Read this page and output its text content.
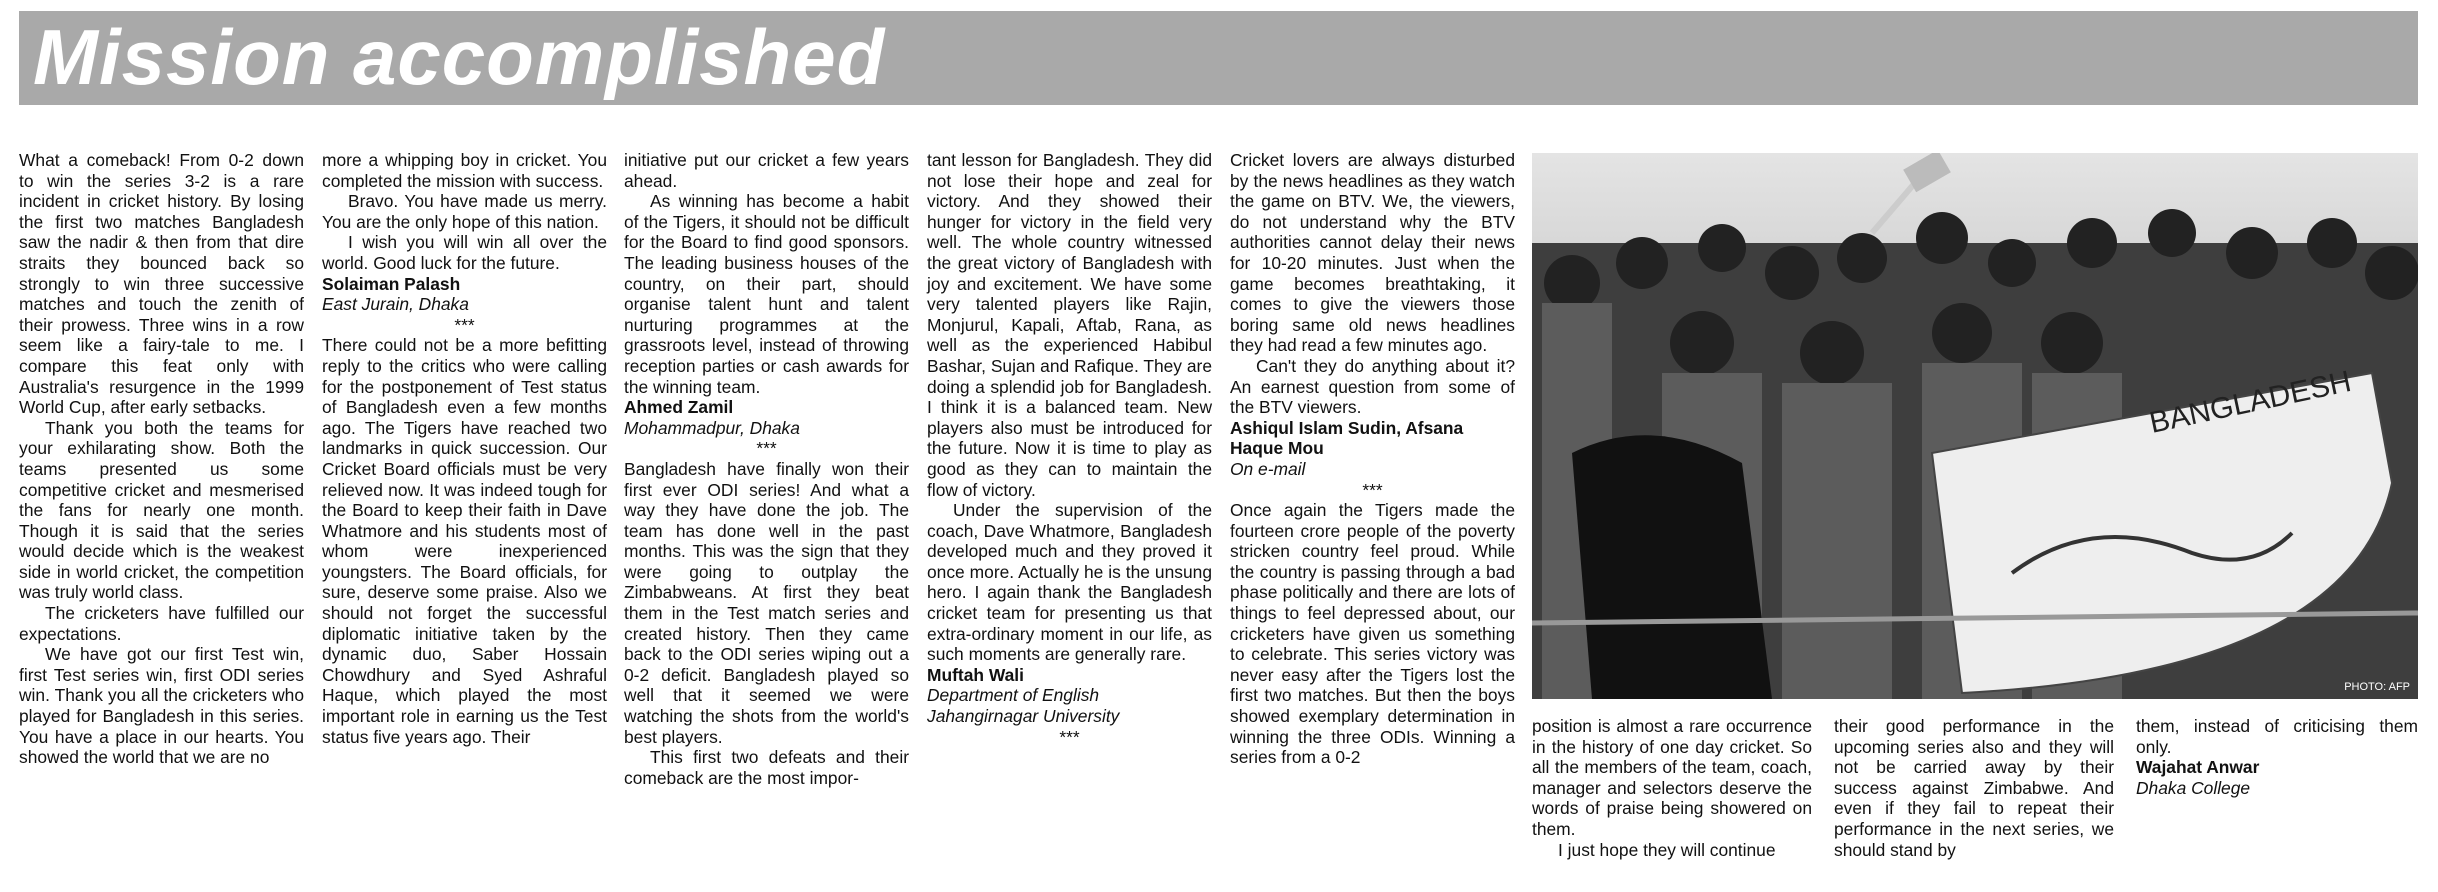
Mission accomplished

What a comeback! From 0-2 down to win the series 3-2 is a rare incident in cricket history. By losing the first two matches Bangladesh saw the nadir & then from that dire straits they bounced back so strongly to win three successive matches and touch the zenith of their prowess. Three wins in a row seem like a fairy-tale to me. I compare this feat only with Australia's resurgence in the 1999 World Cup, after early setbacks.

Thank you both the teams for your exhilarating show. Both the teams presented us some competitive cricket and mesmerised the fans for nearly one month. Though it is said that the series would decide which is the weakest side in world cricket, the competition was truly world class.

The cricketers have fulfilled our expectations.

We have got our first Test win, first Test series win, first ODI series win. Thank you all the cricketers who played for Bangladesh in this series. You have a place in our hearts. You showed the world that we are no

more a whipping boy in cricket. You completed the mission with success.

Bravo. You have made us merry. You are the only hope of this nation.

I wish you will win all over the world. Good luck for the future.

Solaiman Palash

East Jurain, Dhaka

***

There could not be a more befitting reply to the critics who were calling for the postponement of Test status of Bangladesh even a few months ago. The Tigers have reached two landmarks in quick succession. Our Cricket Board officials must be very relieved now. It was indeed tough for the Board to keep their faith in Dave Whatmore and his students most of whom were inexperienced youngsters. The Board officials, for sure, deserve some praise. Also we should not forget the successful diplomatic initiative taken by the dynamic duo, Saber Hossain Chowdhury and Syed Ashraful Haque, which played the most important role in earning us the Test status five years ago. Their

initiative put our cricket a few years ahead.

As winning has become a habit of the Tigers, it should not be difficult for the Board to find good sponsors. The leading business houses of the country, on their part, should organise talent hunt and talent nurturing programmes at the grassroots level, instead of throwing reception parties or cash awards for the winning team.

Ahmed Zamil

Mohammadpur, Dhaka

***

Bangladesh have finally won their first ever ODI series! And what a way they have done the job. The team has done well in the past months. This was the sign that they were going to outplay the Zimbabweans. At first they beat them in the Test match series and created history. Then they came back to the ODI series wiping out a 0-2 deficit. Bangladesh played so well that it seemed we were watching the shots from the world's best players.

This first two defeats and their comeback are the most impor-

tant lesson for Bangladesh. They did not lose their hope and zeal for victory. And they showed their hunger for victory in the field very well. The whole country witnessed the great victory of Bangladesh with joy and excitement. We have some very talented players like Rajin, Monjurul, Kapali, Aftab, Rana, as well as the experienced Habibul Bashar, Sujan and Rafique. They are doing a splendid job for Bangladesh. I think it is a balanced team. New players also must be introduced for the future. Now it is time to play as good as they can to maintain the flow of victory.

Under the supervision of the coach, Dave Whatmore, Bangladesh developed much and they proved it once more. Actually he is the unsung hero. I again thank the Bangladesh cricket team for presenting us that extra-ordinary moment in our life, as such moments are generally rare.

Muftah Wali

Department of English

Jahangirnagar University

***

Cricket lovers are always disturbed by the news headlines as they watch the game on BTV. We, the viewers, do not understand why the BTV authorities cannot delay their news for 10-20 minutes. Just when the game becomes breathtaking, it comes to give the viewers those boring same old news headlines they had read a few minutes ago.

Can't they do anything about it? An earnest question from some of the BTV viewers.

Ashiqul Islam Sudin, Afsana Haque Mou

On e-mail

***

Once again the Tigers made the fourteen crore people of the poverty stricken country feel proud. While the country is passing through a bad phase politically and there are lots of things to feel depressed about, our cricketers have given us something to celebrate. This series victory was never easy after the Tigers lost the first two matches. But then the boys showed exemplary determination in winning the three ODIs. Winning a series from a 0-2

BANGLADESH
PHOTO: AFP

position is almost a rare occurrence in the history of one day cricket. So all the members of the team, coach, manager and selectors deserve the words of praise being showered on them.

I just hope they will continue

their good performance in the upcoming series also and they will not be carried away by their success against Zimbabwe. And even if they fail to repeat their performance in the next series, we should stand by

them, instead of criticising them only.

Wajahat Anwar

Dhaka College
